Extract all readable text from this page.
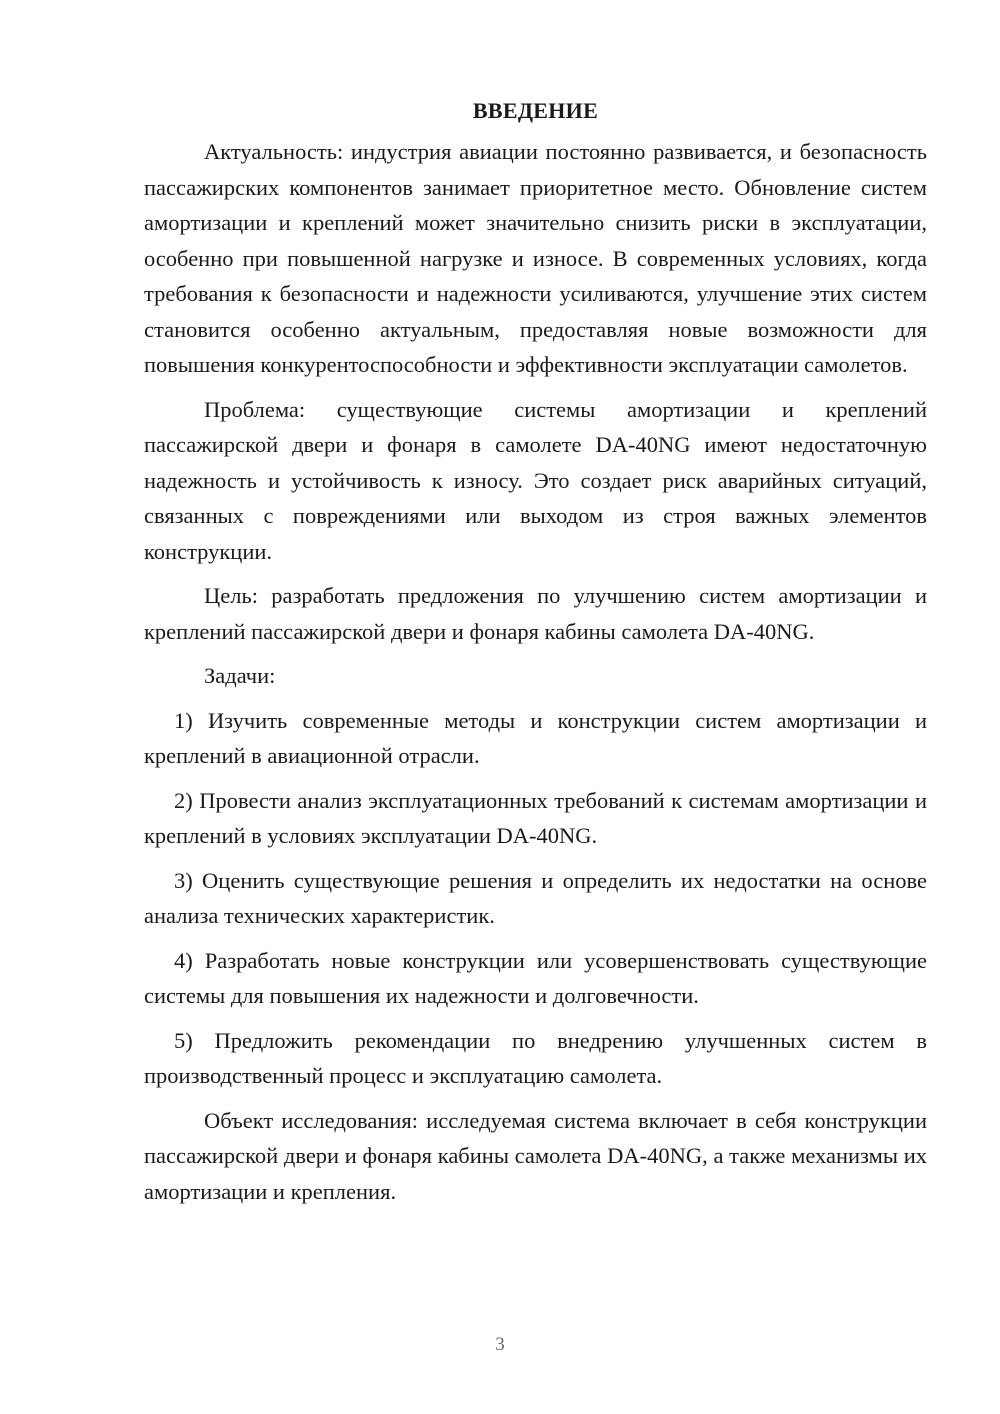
ВВЕДЕНИЕ

Актуальность: индустрия авиации постоянно развивается, и безопасность пассажирских компонентов занимает приоритетное место. Обновление систем амортизации и креплений может значительно снизить риски в эксплуатации, особенно при повышенной нагрузке и износе. В современных условиях, когда требования к безопасности и надежности усиливаются, улучшение этих систем становится особенно актуальным, предоставляя новые возможности для повышения конкурентоспособности и эффективности эксплуатации самолетов.

Проблема: существующие системы амортизации и креплений пассажирской двери и фонаря в самолете DA-40NG имеют недостаточную надежность и устойчивость к износу. Это создает риск аварийных ситуаций, связанных с повреждениями или выходом из строя важных элементов конструкции.

Цель: разработать предложения по улучшению систем амортизации и креплений пассажирской двери и фонаря кабины самолета DA-40NG.

Задачи:

1) Изучить современные методы и конструкции систем амортизации и креплений в авиационной отрасли.

2) Провести анализ эксплуатационных требований к системам амортизации и креплений в условиях эксплуатации DA-40NG.

3) Оценить существующие решения и определить их недостатки на основе анализа технических характеристик.

4) Разработать новые конструкции или усовершенствовать существующие системы для повышения их надежности и долговечности.

5) Предложить рекомендации по внедрению улучшенных систем в производственный процесс и эксплуатацию самолета.

Объект исследования: исследуемая система включает в себя конструкции пассажирской двери и фонаря кабины самолета DA-40NG, а также механизмы их амортизации и крепления.

3
